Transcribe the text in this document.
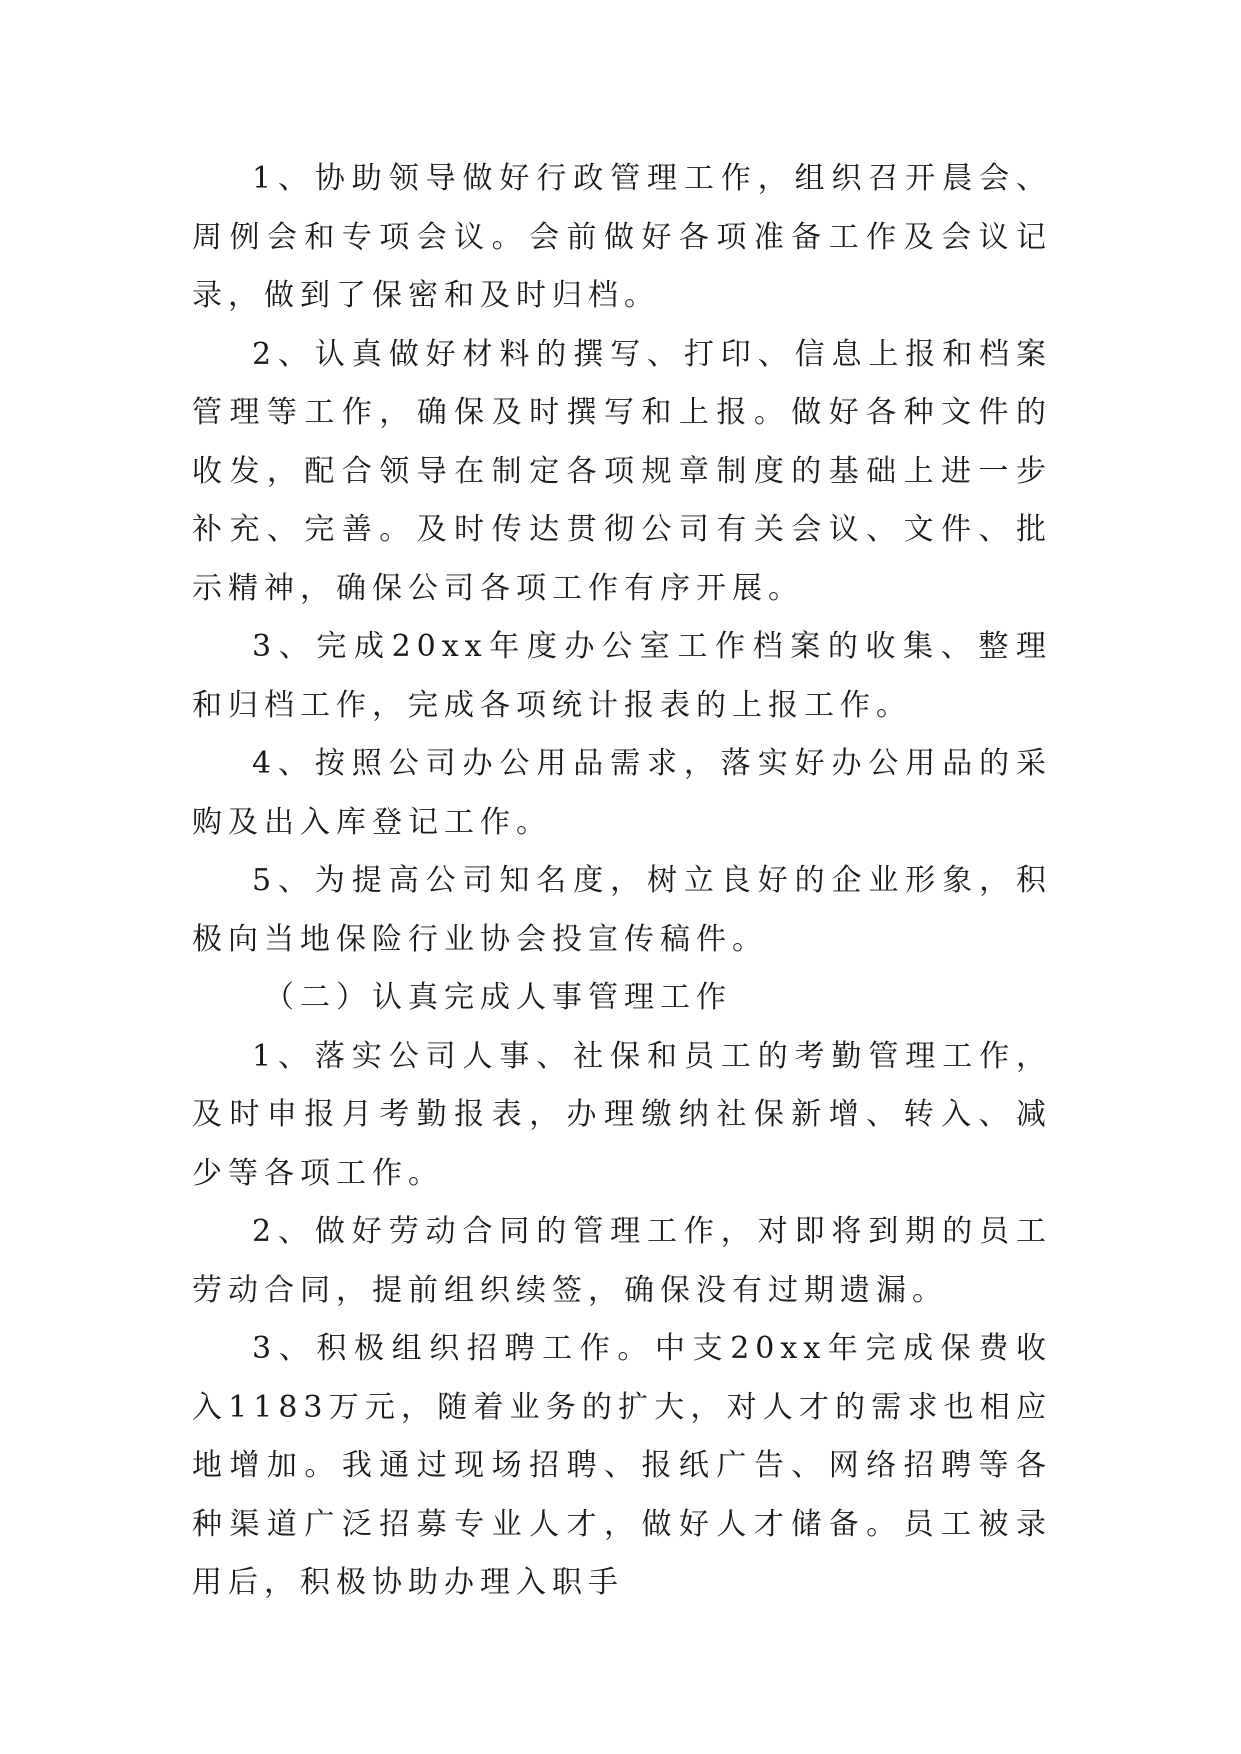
1、协助领导做好行政管理工作，组织召开晨会、周例会和专项会议。会前做好各项准备工作及会议记录，做到了保密和及时归档。

2、认真做好材料的撰写、打印、信息上报和档案管理等工作，确保及时撰写和上报。做好各种文件的收发，配合领导在制定各项规章制度的基础上进一步补充、完善。及时传达贯彻公司有关会议、文件、批示精神，确保公司各项工作有序开展。

3、完成20xx年度办公室工作档案的收集、整理和归档工作，完成各项统计报表的上报工作。

4、按照公司办公用品需求，落实好办公用品的采购及出入库登记工作。

5、为提高公司知名度，树立良好的企业形象，积极向当地保险行业协会投宣传稿件。

（二）认真完成人事管理工作

1、落实公司人事、社保和员工的考勤管理工作，及时申报月考勤报表，办理缴纳社保新增、转入、减少等各项工作。

2、做好劳动合同的管理工作，对即将到期的员工劳动合同，提前组织续签，确保没有过期遗漏。

3、积极组织招聘工作。中支20xx年完成保费收入1183万元，随着业务的扩大，对人才的需求也相应地增加。我通过现场招聘、报纸广告、网络招聘等各种渠道广泛招募专业人才，做好人才储备。员工被录用后，积极协助办理入职手
